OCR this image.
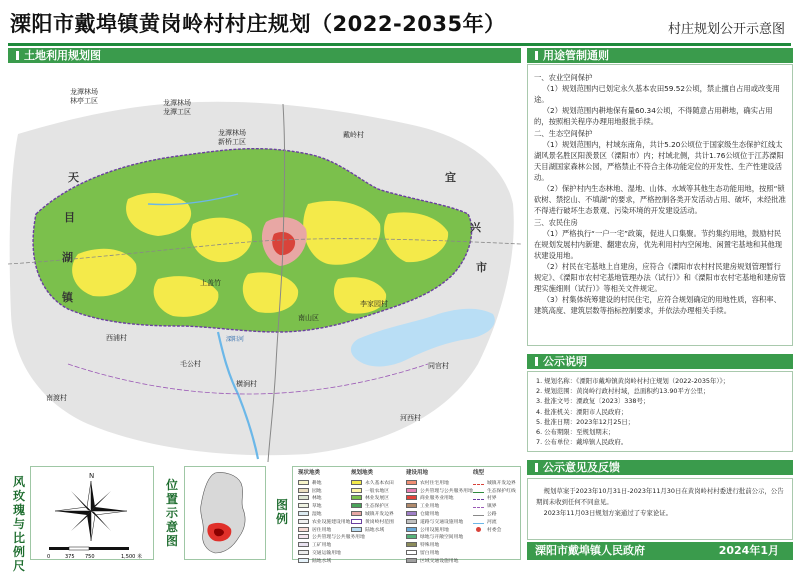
溧阳市戴埠镇黄岗岭村村庄规划（2022-2035年）	村庄规划公开示意图
土地利用规划图
天
目
湖
镇
宜
兴
市
龙潭林场
林亭工区	龙潭林场
龙潭工区
龙潭林场
新桥工区
戴岭村
南山区
毛公村
横涧村
西浦村
上盖竹
李家园村
南渡村
河西村
同官村
溧阳河
用途管制通则

一、农业空间保护

（1）规划范围内已划定永久基本农田59.52公顷，禁止擅自占用或改变用途。

（2）规划范围内耕地保有量60.34公顷，不得随意占用耕地，确实占用的，按照相关程序办理用地报批手续。

二、生态空间保护

（1）规划范围内，村域东南角，共计5.20公顷位于国家级生态保护红线太湖风景名胜区阳羡景区（溧阳市）内；村域北侧，共计1.76公顷位于江苏溧阳天目湖国家森林公园，严格禁止不符合主体功能定位的开发性、生产性建设活动。

（2）保护村内生态林地、湿地、山体、水域等其他生态功能用地，按照“锁砍树、禁挖山、不填湖”的要求，严格控制各类开发活动占用、破坏，未经批准不得进行破坏生态景观、污染环境的开发建设活动。

三、农民住房

（1）严格执行“一户一宅”政策，促进人口集聚。节约集约用地，鼓励村民在规划发展村内新建、翻建农房，优先利用村内空闲地、闲置宅基地和其他现状建设用地。

（2）村民在宅基地上自建房，应符合《溧阳市农村村民建房规划管理暂行规定》、《溧阳市农村宅基地管理办法（试行）》和《溧阳市农村宅基地和建房管理实施细则（试行）》等相关文件规定。

（3）村集体统筹建设的村民住宅，应符合规划确定的用地性质，容积率、建筑高度、建筑层数等指标控制要求，并依法办理相关手续。

公示说明
1. 规划名称：《溧阳市戴埠镇黄岗岭村村庄规划（2022-2035年）》；
2. 规划范围：黄岗岭行政村村域，总面积约13.90平方公里；
3. 批准文号：溧政复〔2023〕338号；
4. 批准机关：溧阳市人民政府；
5. 批准日期：2023年12月25日；
6. 公布期限：至规划期末；
7. 公布单位：戴埠镇人民政府。
公示意见及反馈

规划草案于2023年10月31日-2023年11月30日在黄岗岭村村委进行批前公示，公告期间未收到任何不同意见。

2023年11月03日规划方案通过了专家论证。

溧阳市戴埠镇人民政府	2024年1月
风玫瑰与比例尺
N
0	375 750	1,500 米
位置示意图
图例
现状地类
耕地
园地
林地
草地
湿地
农业设施建设用地
居住用地
公共管理与公共服务用地
工矿用地
交通运输用地
陆地水域
规划地类
永久基本农田
一般农地区
林业发展区
生态保护区
城镇开发边界
黄岗岭村范围
陆地水域
建设用地
农村住宅用地
公共管理与公共服务用地
商业服务业用地
工业用地
仓储用地
道路与交通设施用地
公用设施用地
绿地与开敞空间用地
特殊用地
留白用地
区域交通设施用地
线型
城镇开发边界
生态保护红线
村界
镇界
公路
河流
村委会
